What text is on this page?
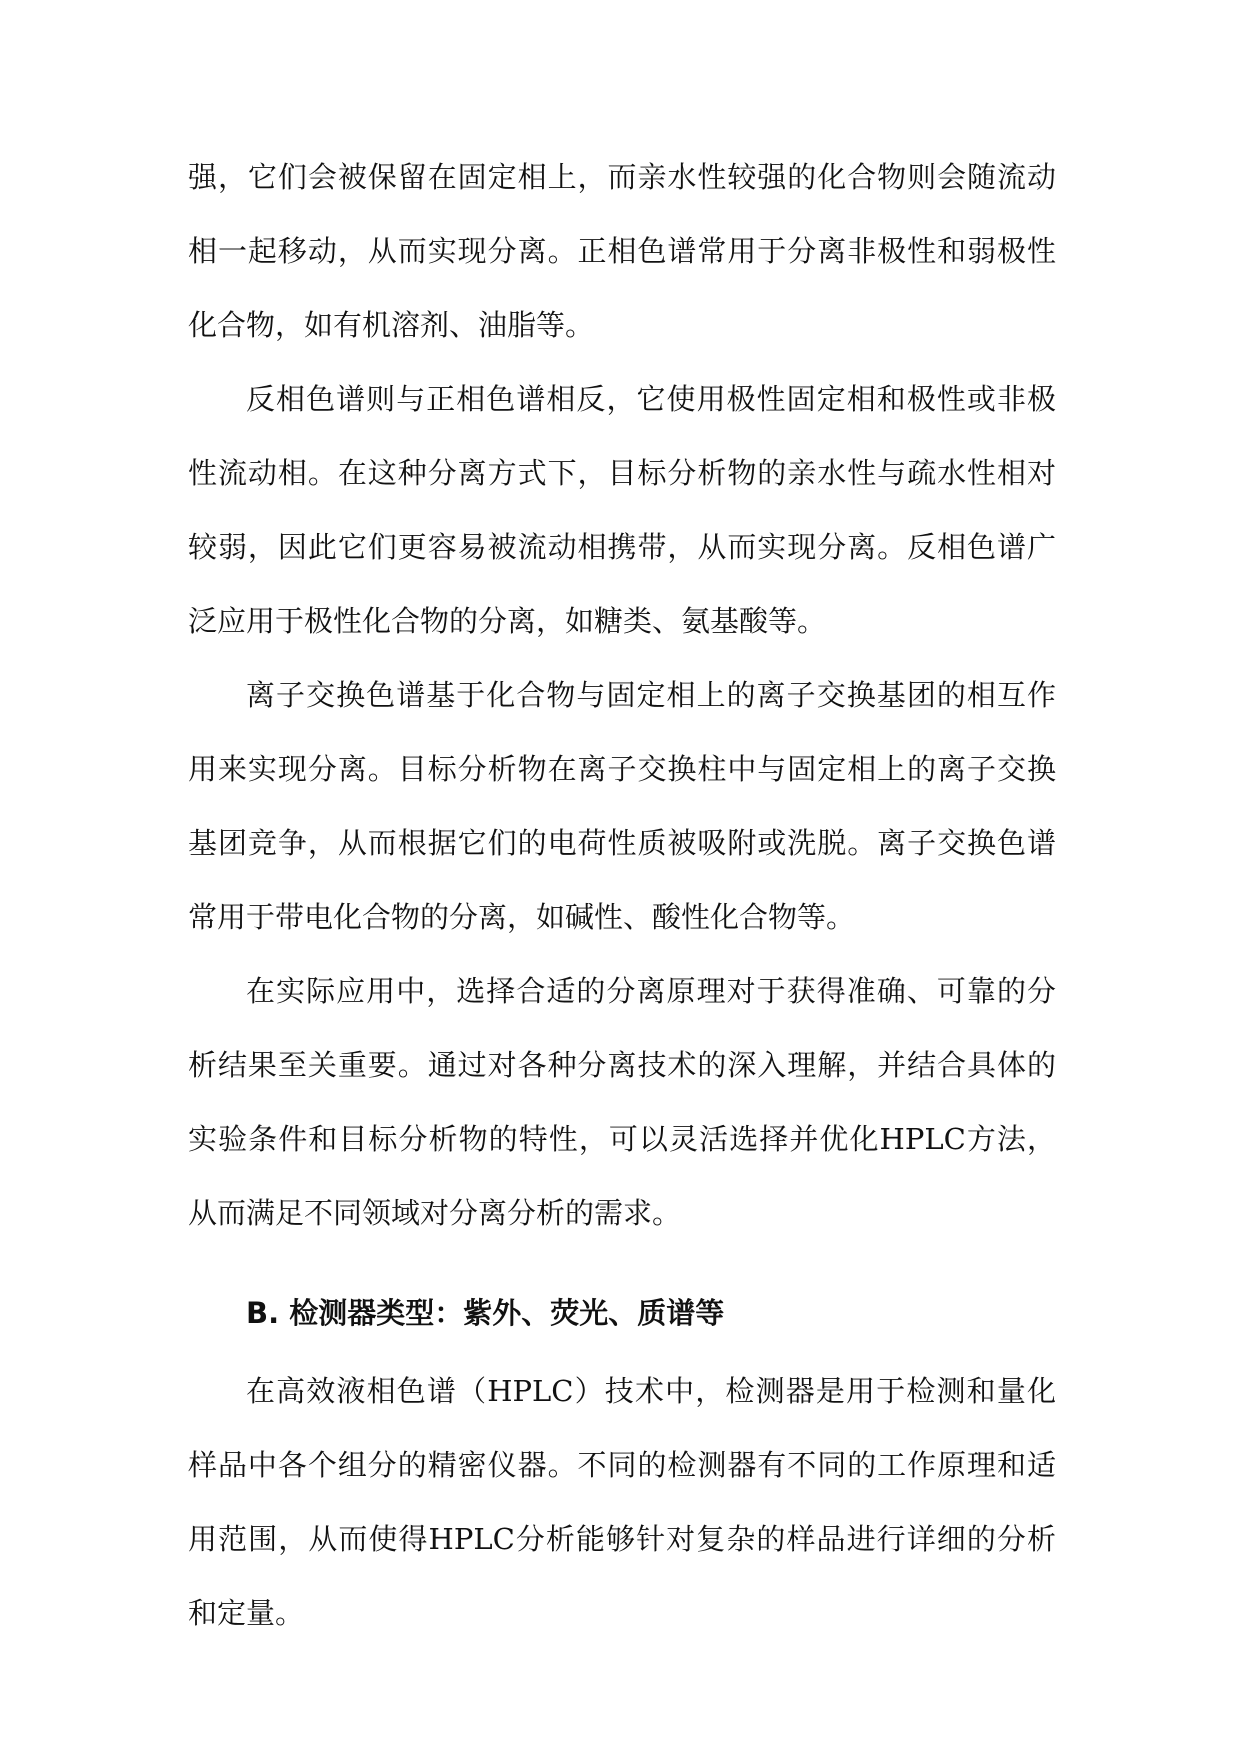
强，它们会被保留在固定相上，而亲水性较强的化合物则会随流动相一起移动，从而实现分离。正相色谱常用于分离非极性和弱极性化合物，如有机溶剂、油脂等。

反相色谱则与正相色谱相反，它使用极性固定相和极性或非极性流动相。在这种分离方式下，目标分析物的亲水性与疏水性相对较弱，因此它们更容易被流动相携带，从而实现分离。反相色谱广泛应用于极性化合物的分离，如糖类、氨基酸等。

离子交换色谱基于化合物与固定相上的离子交换基团的相互作用来实现分离。目标分析物在离子交换柱中与固定相上的离子交换基团竞争，从而根据它们的电荷性质被吸附或洗脱。离子交换色谱常用于带电化合物的分离，如碱性、酸性化合物等。

在实际应用中，选择合适的分离原理对于获得准确、可靠的分析结果至关重要。通过对各种分离技术的深入理解，并结合具体的实验条件和目标分析物的特性，可以灵活选择并优化HPLC方法，从而满足不同领域对分离分析的需求。

B. 检测器类型：紫外、荧光、质谱等

在高效液相色谱（HPLC）技术中，检测器是用于检测和量化样品中各个组分的精密仪器。不同的检测器有不同的工作原理和适用范围，从而使得HPLC分析能够针对复杂的样品进行详细的分析和定量。
